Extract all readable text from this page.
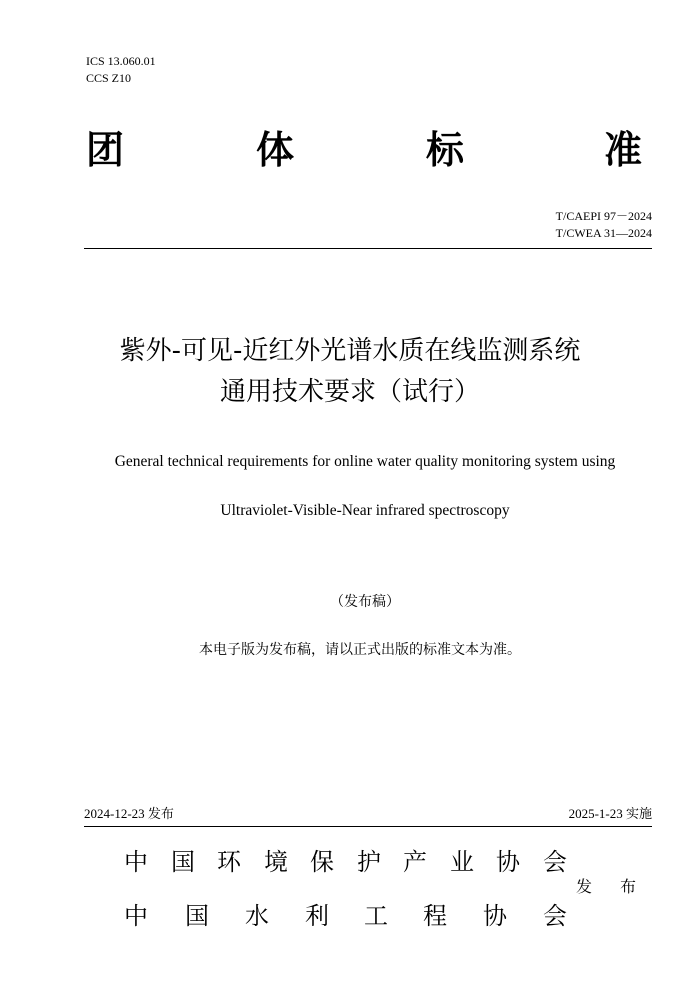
ICS 13.060.01
CCS Z10
团	体	标	准
T/CAEPI 97－2024
T/CWEA 31—2024
紫外-可见-近红外光谱水质在线监测系统
通用技术要求（试行）
General technical requirements for online water quality monitoring system using
Ultraviolet-Visible-Near infrared spectroscopy
（发布稿）
本电子版为发布稿，请以正式出版的标准文本为准。
2024-12-23 发布	2025-1-23 实施
中 国 环 境 保 护 产 业 协 会
中	国	水	利	工	程	协	会
发 布
